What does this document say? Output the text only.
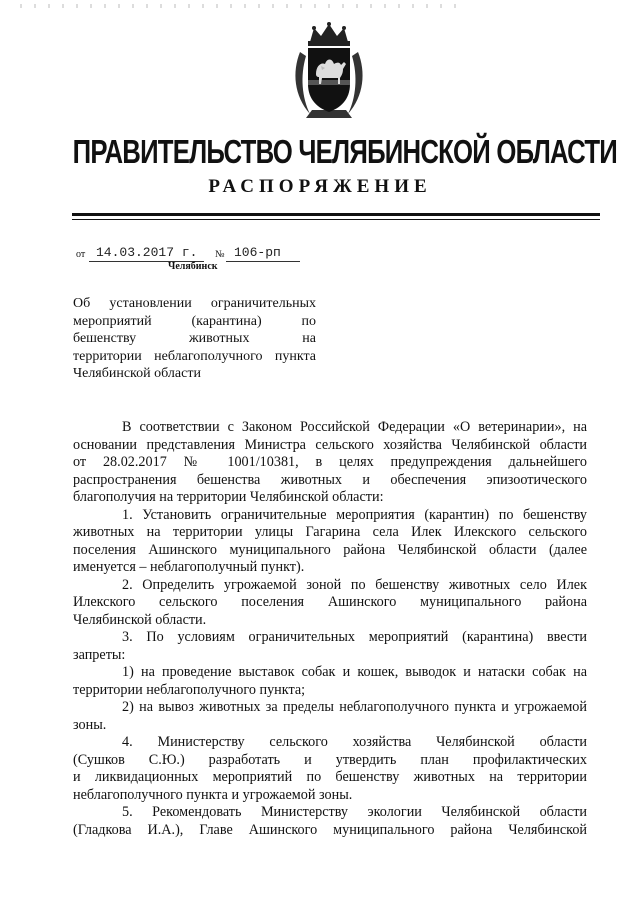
ПРАВИТЕЛЬСТВО ЧЕЛЯБИНСКОЙ ОБЛАСТИ
РАСПОРЯЖЕНИЕ
от 14.03.2017 г. № 106-рп
Челябинск
Об установлении ограничительных
мероприятий (карантина) по
бешенству животных на
территории неблагополучного пункта
Челябинской области
В соответствии с Законом Российской Федерации «О ветеринарии», на
основании представления Министра сельского хозяйства Челябинской области
от 28.02.2017 № 1001/10381, в целях предупреждения дальнейшего
распространения бешенства животных и обеспечения эпизоотического
благополучия на территории Челябинской области:
1. Установить ограничительные мероприятия (карантин) по бешенству
животных на территории улицы Гагарина села Илек Илекского сельского
поселения Ашинского муниципального района Челябинской области (далее
именуется – неблагополучный пункт).
2. Определить угрожаемой зоной по бешенству животных село Илек
Илекского сельского поселения Ашинского муниципального района
Челябинской области.
3. По условиям ограничительных мероприятий (карантина) ввести
запреты:
1) на проведение выставок собак и кошек, выводок и натаски собак на
территории неблагополучного пункта;
2) на вывоз животных за пределы неблагополучного пункта и угрожаемой
зоны.
4. Министерству сельского хозяйства Челябинской области
(Сушков С.Ю.) разработать и утвердить план профилактических
и ликвидационных мероприятий по бешенству животных на территории
неблагополучного пункта и угрожаемой зоны.
5. Рекомендовать Министерству экологии Челябинской области
(Гладкова И.А.), Главе Ашинского муниципального района Челябинской
